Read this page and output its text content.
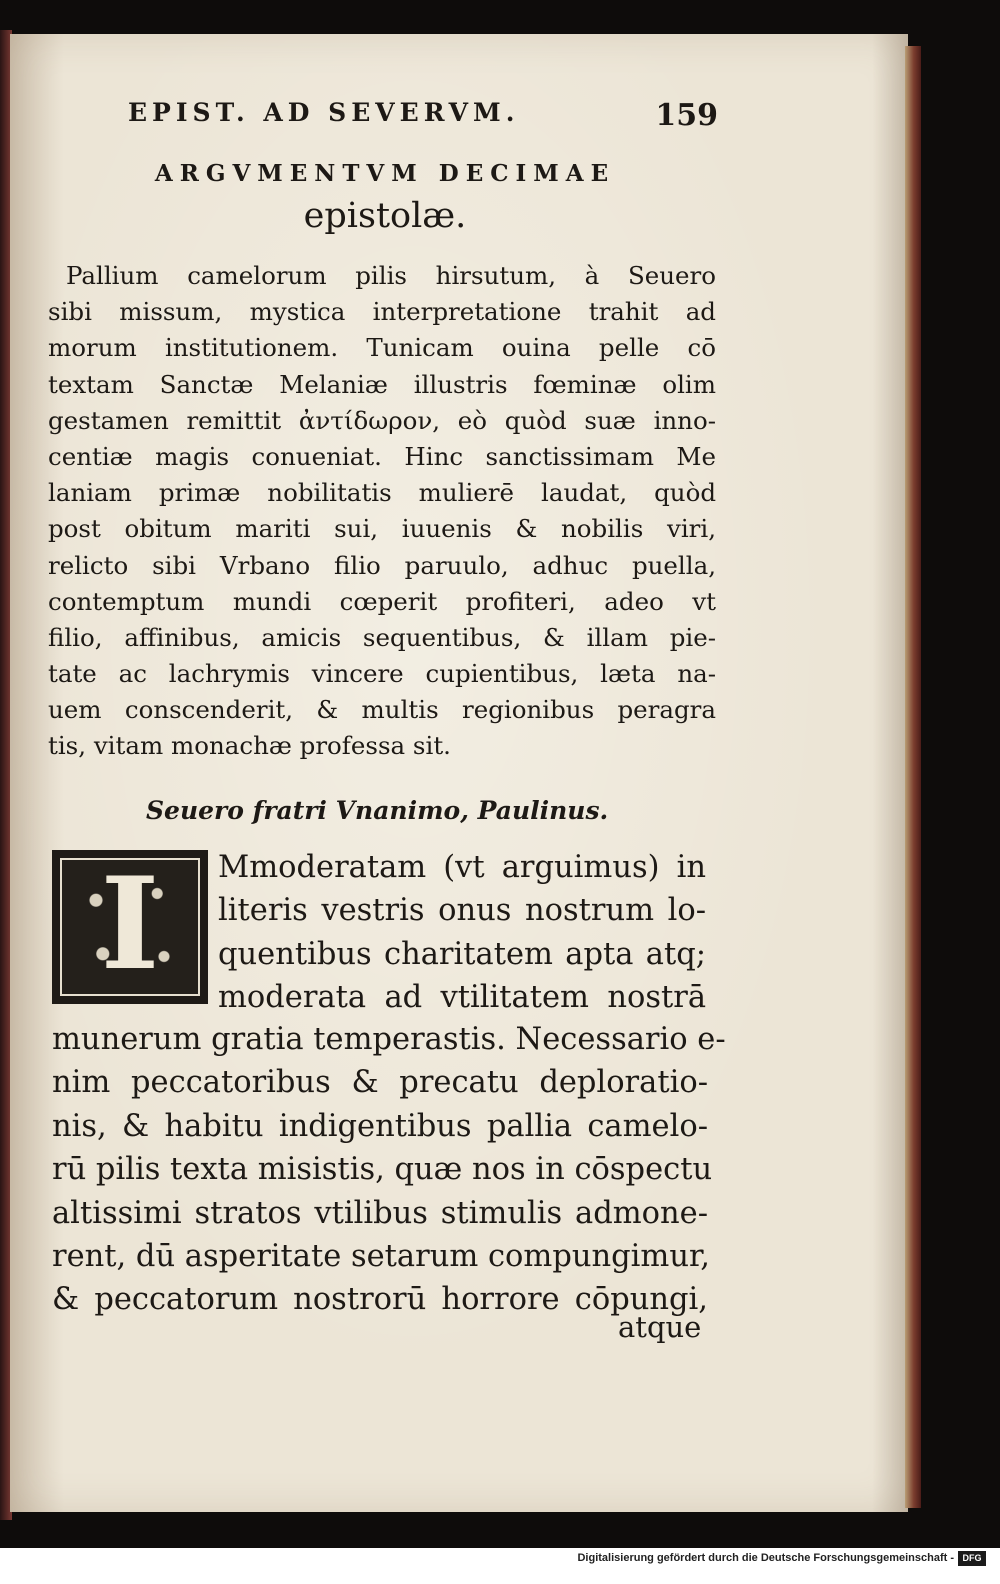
EPIST. AD SEVERVM.	159
ARGVMENTVM DECIMAE
epistolæ.
Pallium camelorum pilis hirsutum, à Seuero
sibi missum, mystica interpretatione trahit ad
morum institutionem. Tunicam ouina pelle cō
textam Sanctæ Melaniæ illustris fœminæ olim
gestamen remittit ἀντίδωρον, eò quòd suæ inno-
centiæ magis conueniat. Hinc sanctissimam Me
laniam primæ nobilitatis mulierē laudat, quòd
post obitum mariti sui, iuuenis & nobilis viri,
relicto sibi Vrbano filio paruulo, adhuc puella,
contemptum mundi cœperit profiteri, adeo vt
filio, affinibus, amicis sequentibus, & illam pie-
tate ac lachrymis vincere cupientibus, læta na-
uem conscenderit, & multis regionibus peragra
tis, vitam monachæ professa sit.
Seuero fratri Vnanimo, Paulinus.
I	Mmoderatam (vt arguimus) in
literis vestris onus nostrum lo-
quentibus charitatem apta atq;
moderata ad vtilitatem nostrā
munerum gratia temperastis. Necessario e-
nim peccatoribus & precatu deploratio-
nis, & habitu indigentibus pallia camelo-
rū pilis texta misistis, quæ nos in cōspectu
altissimi stratos vtilibus stimulis admone-
rent, dū asperitate setarum compungimur,
& peccatorum nostrorū horrore cōpungi,
atque
Digitalisierung gefördert durch die Deutsche Forschungsgemeinschaft - DFG
